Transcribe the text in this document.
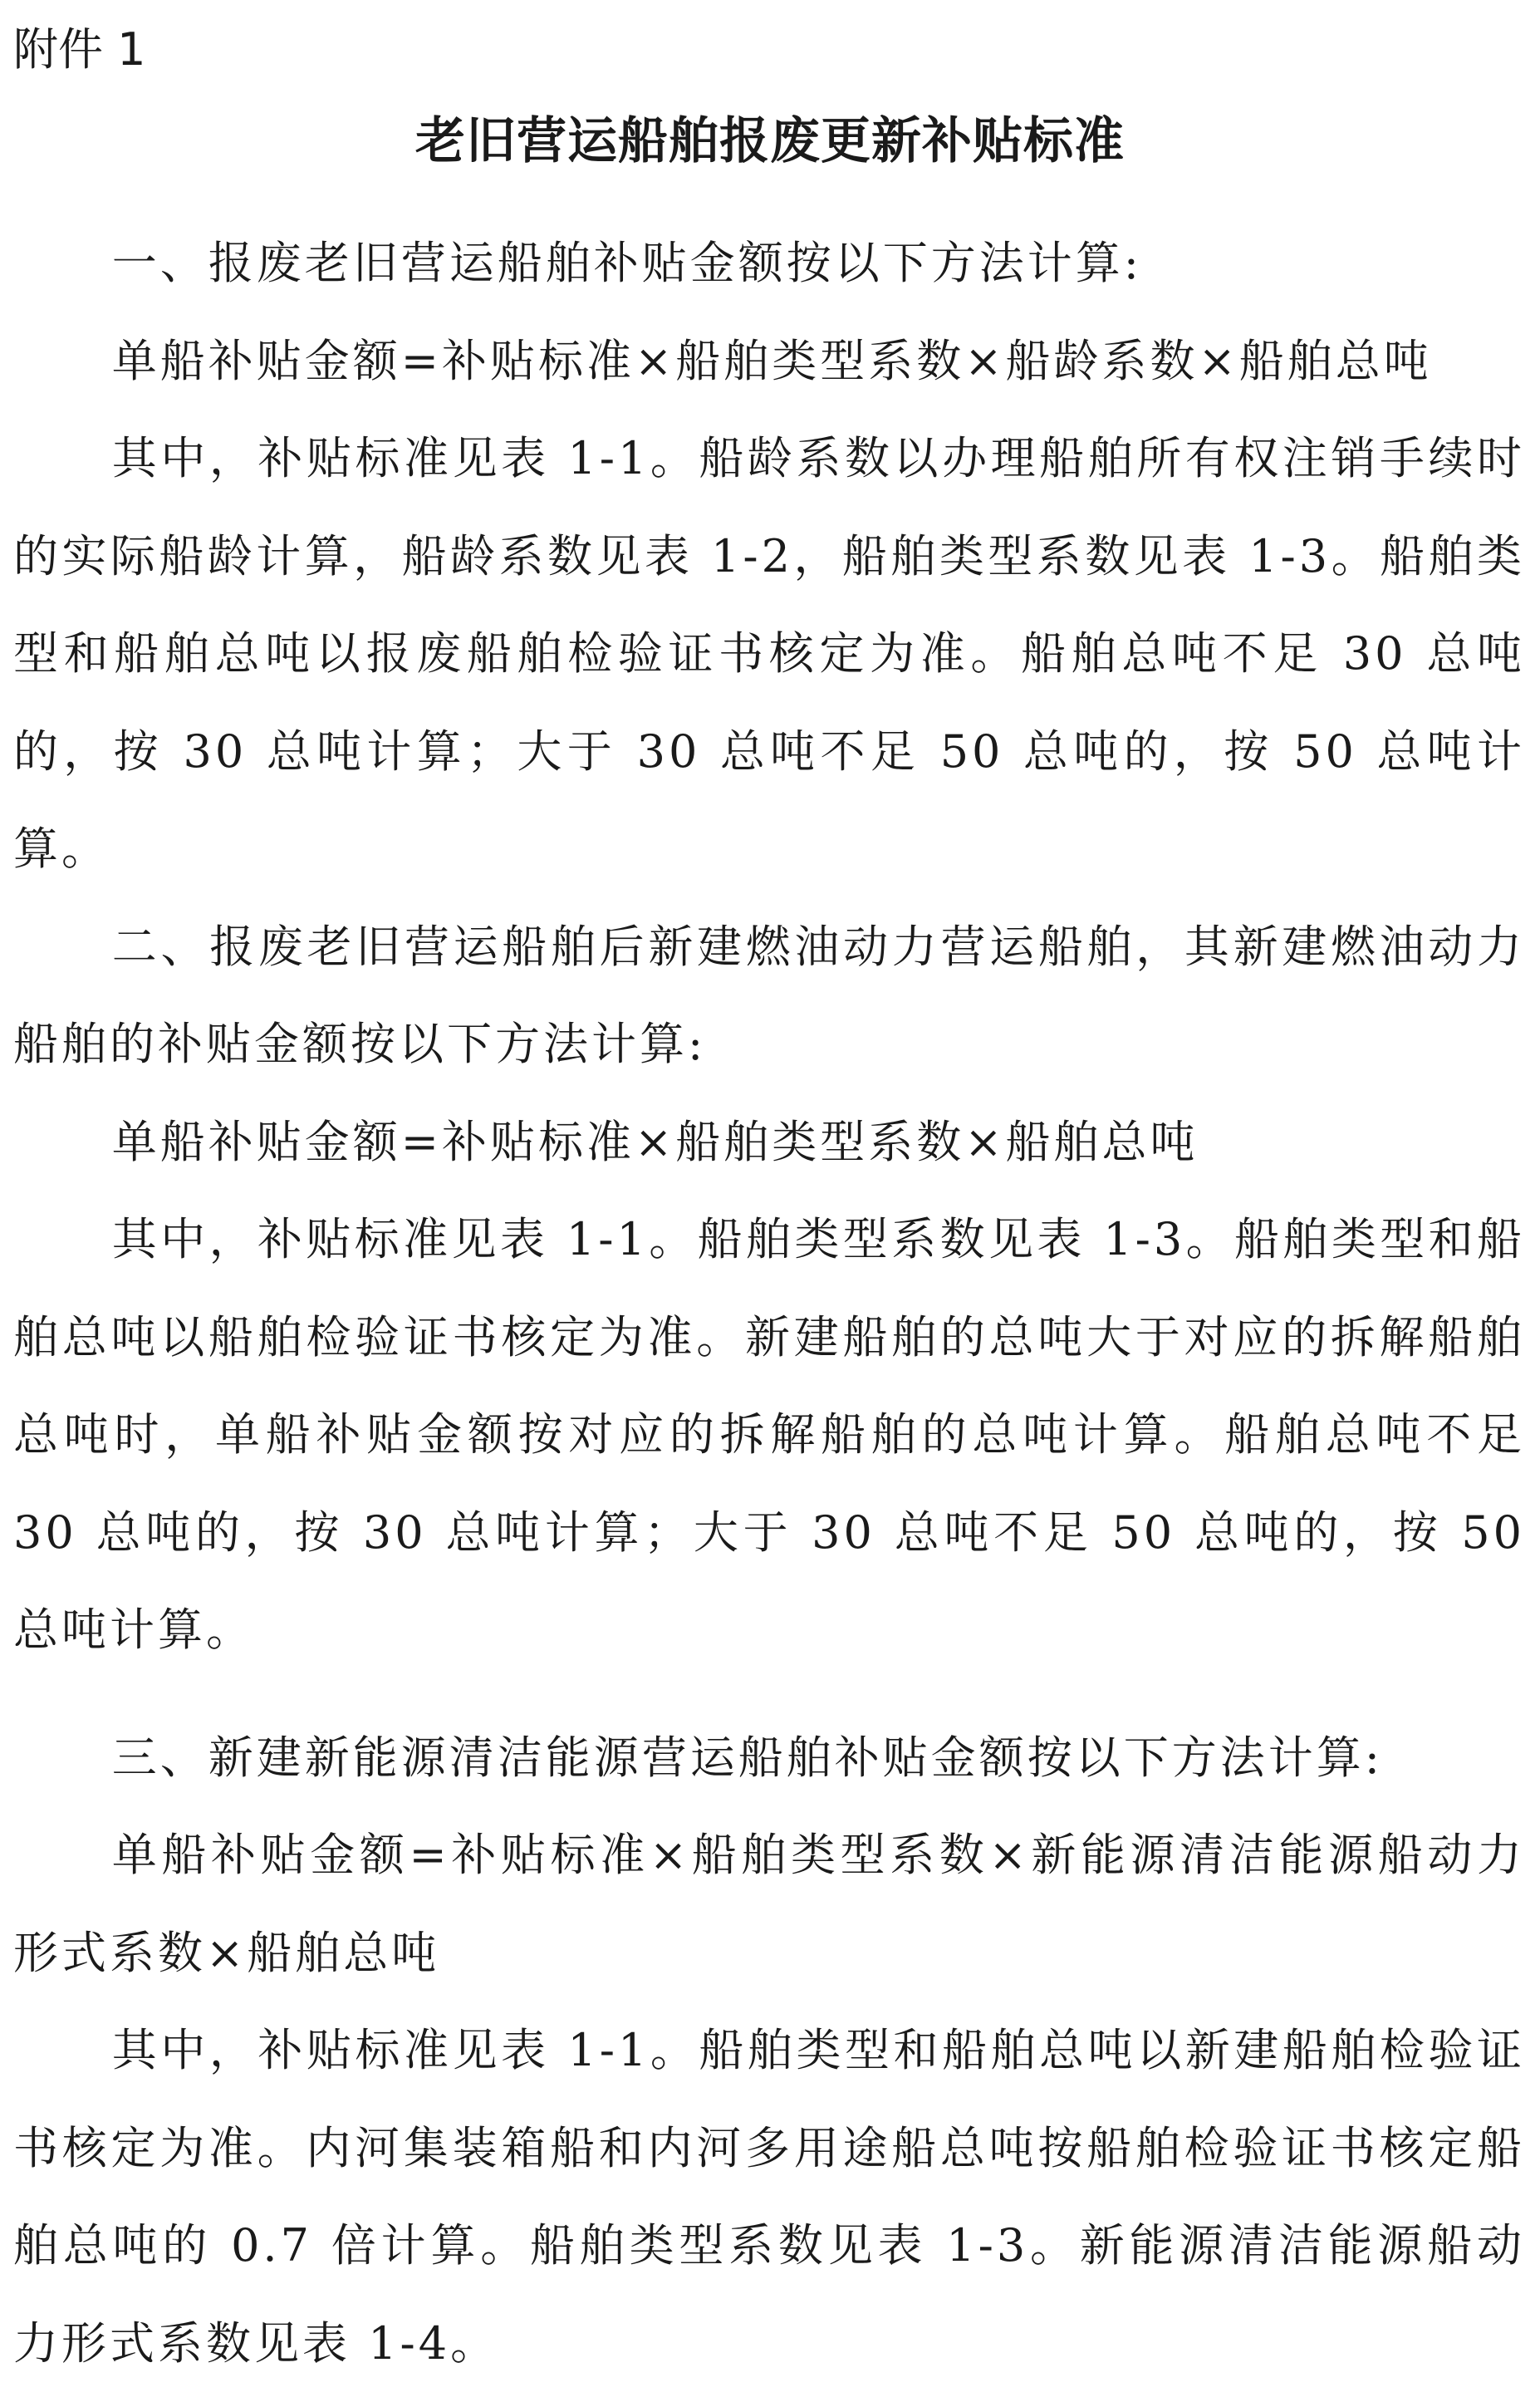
附件 1
老旧营运船舶报废更新补贴标准

一、报废老旧营运船舶补贴金额按以下方法计算:

单船补贴金额=补贴标准×船舶类型系数×船龄系数×船舶总吨

其中，补贴标准见表 1-1。船龄系数以办理船舶所有权注销手续时的实际船龄计算，船龄系数见表 1-2，船舶类型系数见表 1-3。船舶类型和船舶总吨以报废船舶检验证书核定为准。船舶总吨不足 30 总吨的，按 30 总吨计算；大于 30 总吨不足 50 总吨的，按 50 总吨计算。

二、报废老旧营运船舶后新建燃油动力营运船舶，其新建燃油动力船舶的补贴金额按以下方法计算:

单船补贴金额=补贴标准×船舶类型系数×船舶总吨

其中，补贴标准见表 1-1。船舶类型系数见表 1-3。船舶类型和船舶总吨以船舶检验证书核定为准。新建船舶的总吨大于对应的拆解船舶总吨时，单船补贴金额按对应的拆解船舶的总吨计算。船舶总吨不足 30 总吨的，按 30 总吨计算；大于 30 总吨不足 50 总吨的，按 50 总吨计算。

三、新建新能源清洁能源营运船舶补贴金额按以下方法计算:

单船补贴金额=补贴标准×船舶类型系数×新能源清洁能源船动力形式系数×船舶总吨

其中，补贴标准见表 1-1。船舶类型和船舶总吨以新建船舶检验证书核定为准。内河集装箱船和内河多用途船总吨按船舶检验证书核定船舶总吨的 0.7 倍计算。船舶类型系数见表 1-3。新能源清洁能源船动力形式系数见表 1-4。
